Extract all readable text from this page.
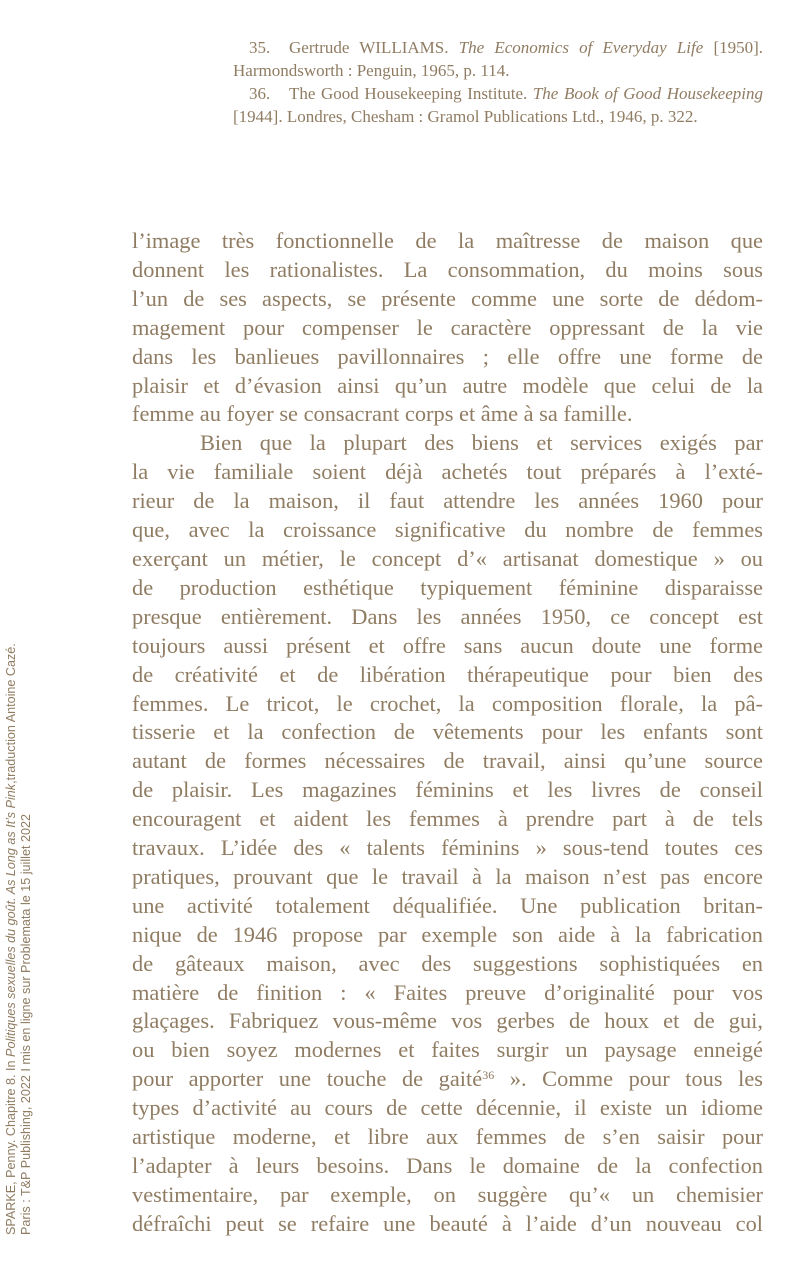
35. Gertrude WILLIAMS. The Economics of Everyday Life [1950]. Harmondsworth : Penguin, 1965, p. 114.

36. The Good Housekeeping Institute. The Book of Good Housekeeping [1944]. Londres, Chesham : Gramol Publications Ltd., 1946, p. 322.

l’image très fonctionnelle de la maîtresse de maison que
donnent les rationalistes. La consommation, du moins sous
l’un de ses aspects, se présente comme une sorte de dédom-
magement pour compenser le caractère oppressant de la vie
dans les banlieues pavillonnaires ; elle offre une forme de
plaisir et d’évasion ainsi qu’un autre modèle que celui de la
femme au foyer se consacrant corps et âme à sa famille.
Bien que la plupart des biens et services exigés par
la vie familiale soient déjà achetés tout préparés à l’exté-
rieur de la maison, il faut attendre les années 1960 pour
que, avec la croissance significative du nombre de femmes
exerçant un métier, le concept d’« artisanat domestique » ou
de production esthétique typiquement féminine disparaisse
presque entièrement. Dans les années 1950, ce concept est
toujours aussi présent et offre sans aucun doute une forme
de créativité et de libération thérapeutique pour bien des
femmes. Le tricot, le crochet, la composition florale, la pâ-
tisserie et la confection de vêtements pour les enfants sont
autant de formes nécessaires de travail, ainsi qu’une source
de plaisir. Les magazines féminins et les livres de conseil
encouragent et aident les femmes à prendre part à de tels
travaux. L’idée des « talents féminins » sous-tend toutes ces
pratiques, prouvant que le travail à la maison n’est pas encore
une activité totalement déqualifiée. Une publication britan-
nique de 1946 propose par exemple son aide à la fabrication
de gâteaux maison, avec des suggestions sophistiquées en
matière de finition : « Faites preuve d’originalité pour vos
glaçages. Fabriquez vous-même vos gerbes de houx et de gui,
ou bien soyez modernes et faites surgir un paysage enneigé
pour apporter une touche de gaité$^{36}$ ». Comme pour tous les
types d’activité au cours de cette décennie, il existe un idiome
artistique moderne, et libre aux femmes de s’en saisir pour
l’adapter à leurs besoins. Dans le domaine de la confection
vestimentaire, par exemple, on suggère qu’« un chemisier
défraîchi peut se refaire une beauté à l’aide d’un nouveau col
SPARKE, Penny. Chapitre 8. In Politiques sexuelles du goût. As Long as It’s Pink,traduction Antoine Cazé.
Paris : T&P Publishing, 2022 I mis en ligne sur Problemata le 15 juillet 2022
